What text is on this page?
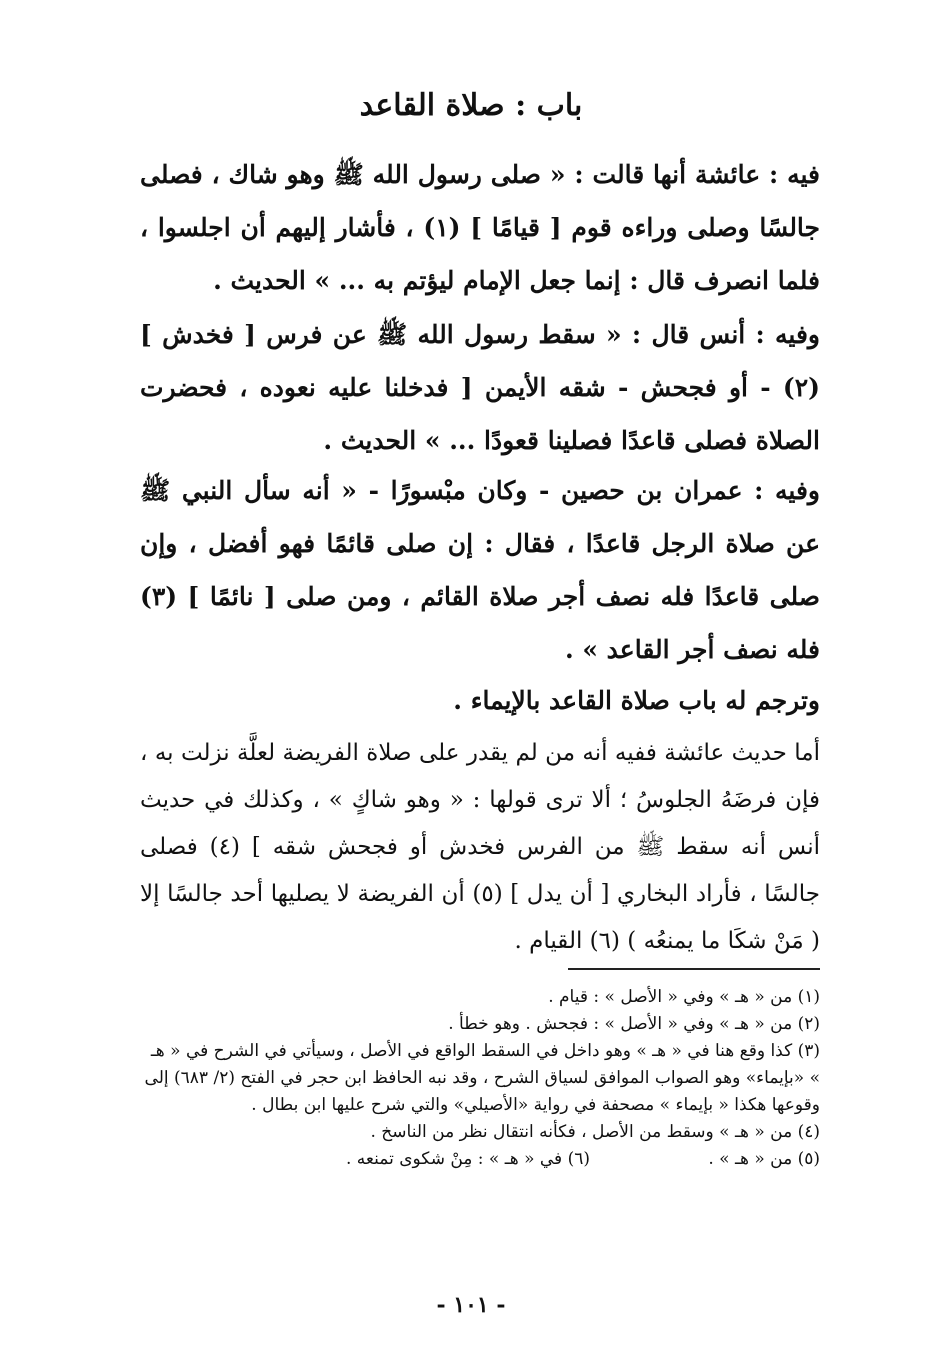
باب : صلاة القاعد

فيه : عائشة أنها قالت : « صلى رسول الله ﷺ وهو شاك ، فصلى جالسًا وصلى وراءه قوم [ قيامًا ] (١) ، فأشار إليهم أن اجلسوا ، فلما انصرف قال : إنما جعل الإمام ليؤتم به ... » الحديث .

وفيه : أنس قال : « سقط رسول الله ﷺ عن فرس [ فخدش ] (٢) - أو فجحش - شقه الأيمن [ فدخلنا عليه نعوده ، فحضرت الصلاة فصلى قاعدًا فصلينا قعودًا ... » الحديث .

وفيه : عمران بن حصين - وكان مبْسورًا - « أنه سأل النبي ﷺ عن صلاة الرجل قاعدًا ، فقال : إن صلى قائمًا فهو أفضل ، وإن صلى قاعدًا فله نصف أجر صلاة القائم ، ومن صلى [ نائمًا ] (٣) فله نصف أجر القاعد » .

وترجم له باب صلاة القاعد بالإيماء .

أما حديث عائشة ففيه أنه من لم يقدر على صلاة الفريضة لعلَّة نزلت به ، فإن فرضَهُ الجلوسُ ؛ ألا ترى قولها : « وهو شاكٍ » ، وكذلك في حديث أنس أنه سقط ﷺ من الفرس فخدش أو فجحش شقه ] (٤) فصلى جالسًا ، فأراد البخاري [ أن يدل ] (٥) أن الفريضة لا يصليها أحد جالسًا إلا ( مَنْ شكَا ما يمنعُه ) (٦) القيام .

(١) من « هـ » وفي « الأصل » : قيام .

(٢) من « هـ » وفي « الأصل » : فجحش . وهو خطأ .

(٣) كذا وقع هنا في « هـ » وهو داخل في السقط الواقع في الأصل ، وسيأتي في الشرح في « هـ » «بإيماء» وهو الصواب الموافق لسياق الشرح ، وقد نبه الحافظ ابن حجر في الفتح (٢/ ٦٨٣) إلى وقوعها هكذا « بإيماء » مصحفة في رواية «الأصيلي» والتي شرح عليها ابن بطال .

(٤) من « هـ » وسقط من الأصل ، فكأنه انتقال نظر من الناسخ .

(٥) من « هـ » .
(٦) في « هـ » : مِنْ شكوى تمنعه .
- ١٠١ -
